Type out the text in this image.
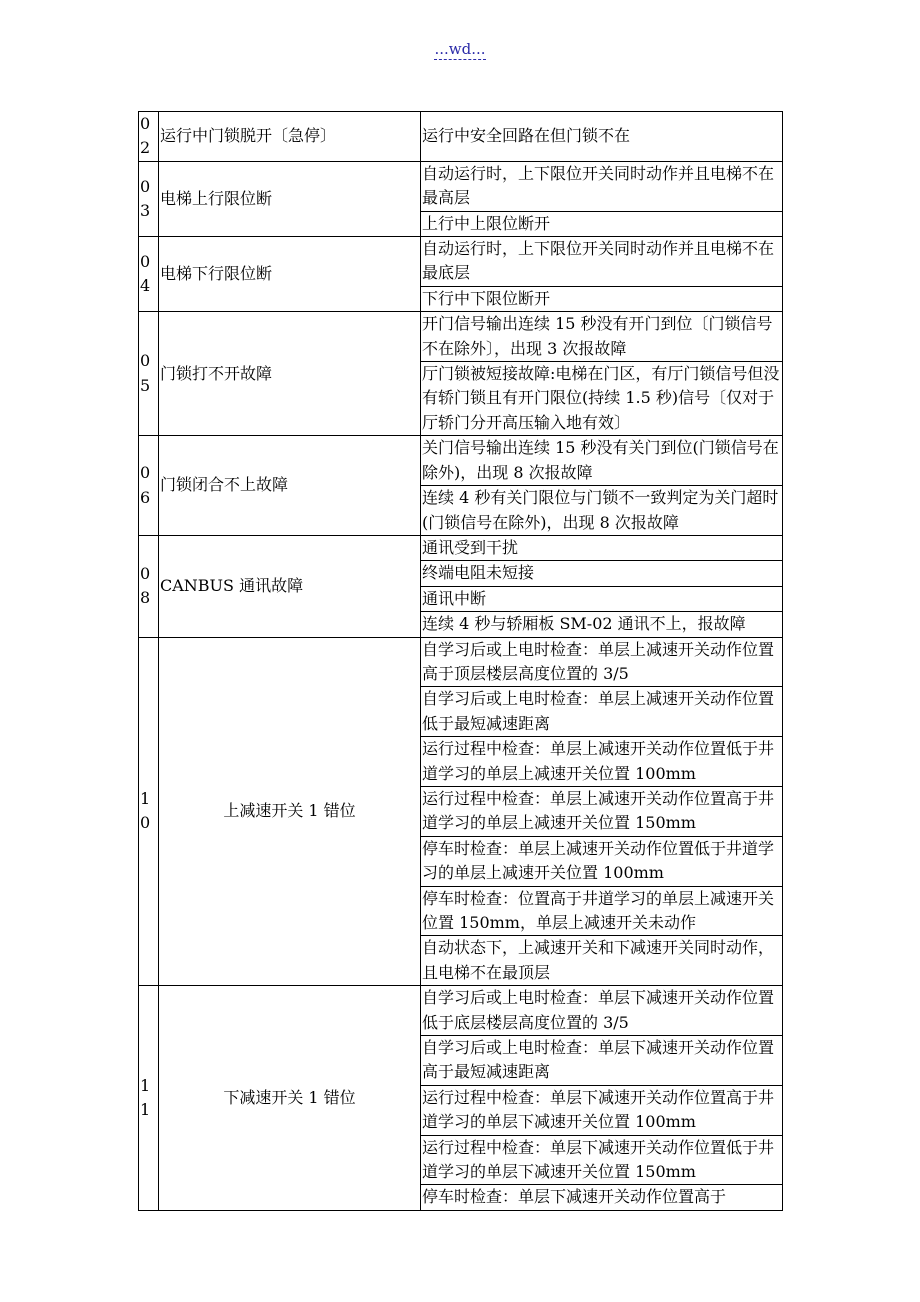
...wd...
02	运行中门锁脱开〔急停〕	运行中安全回路在但门锁不在
03	电梯上行限位断	自动运行时，上下限位开关同时动作并且电梯不在最高层
		上行中上限位断开
04	电梯下行限位断	自动运行时，上下限位开关同时动作并且电梯不在最底层
		下行中下限位断开
05	门锁打不开故障	开门信号输出连续 15 秒没有开门到位〔门锁信号不在除外〕，出现 3 次报故障
		厅门锁被短接故障:电梯在门区，有厅门锁信号但没有轿门锁且有开门限位(持续 1.5 秒)信号〔仅对于厅轿门分开高压输入地有效〕
06	门锁闭合不上故障	关门信号输出连续 15 秒没有关门到位(门锁信号在除外)，出现 8 次报故障
		连续 4 秒有关门限位与门锁不一致判定为关门超时(门锁信号在除外)，出现 8 次报故障
08	CANBUS 通讯故障	通讯受到干扰
		终端电阻未短接
		通讯中断
		连续 4 秒与轿厢板 SM-02 通讯不上，报故障
10	上减速开关 1 错位	自学习后或上电时检查：单层上减速开关动作位置高于顶层楼层高度位置的 3/5
		自学习后或上电时检查：单层上减速开关动作位置低于最短减速距离
		运行过程中检查：单层上减速开关动作位置低于井道学习的单层上减速开关位置 100mm
		运行过程中检查：单层上减速开关动作位置高于井道学习的单层上减速开关位置 150mm
		停车时检查：单层上减速开关动作位置低于井道学习的单层上减速开关位置 100mm
		停车时检查：位置高于井道学习的单层上减速开关位置 150mm，单层上减速开关未动作
		自动状态下，上减速开关和下减速开关同时动作，且电梯不在最顶层
11	下减速开关 1 错位	自学习后或上电时检查：单层下减速开关动作位置低于底层楼层高度位置的 3/5
		自学习后或上电时检查：单层下减速开关动作位置高于最短减速距离
		运行过程中检查：单层下减速开关动作位置高于井道学习的单层下减速开关位置 100mm
		运行过程中检查：单层下减速开关动作位置低于井道学习的单层下减速开关位置 150mm
		停车时检查：单层下减速开关动作位置高于
